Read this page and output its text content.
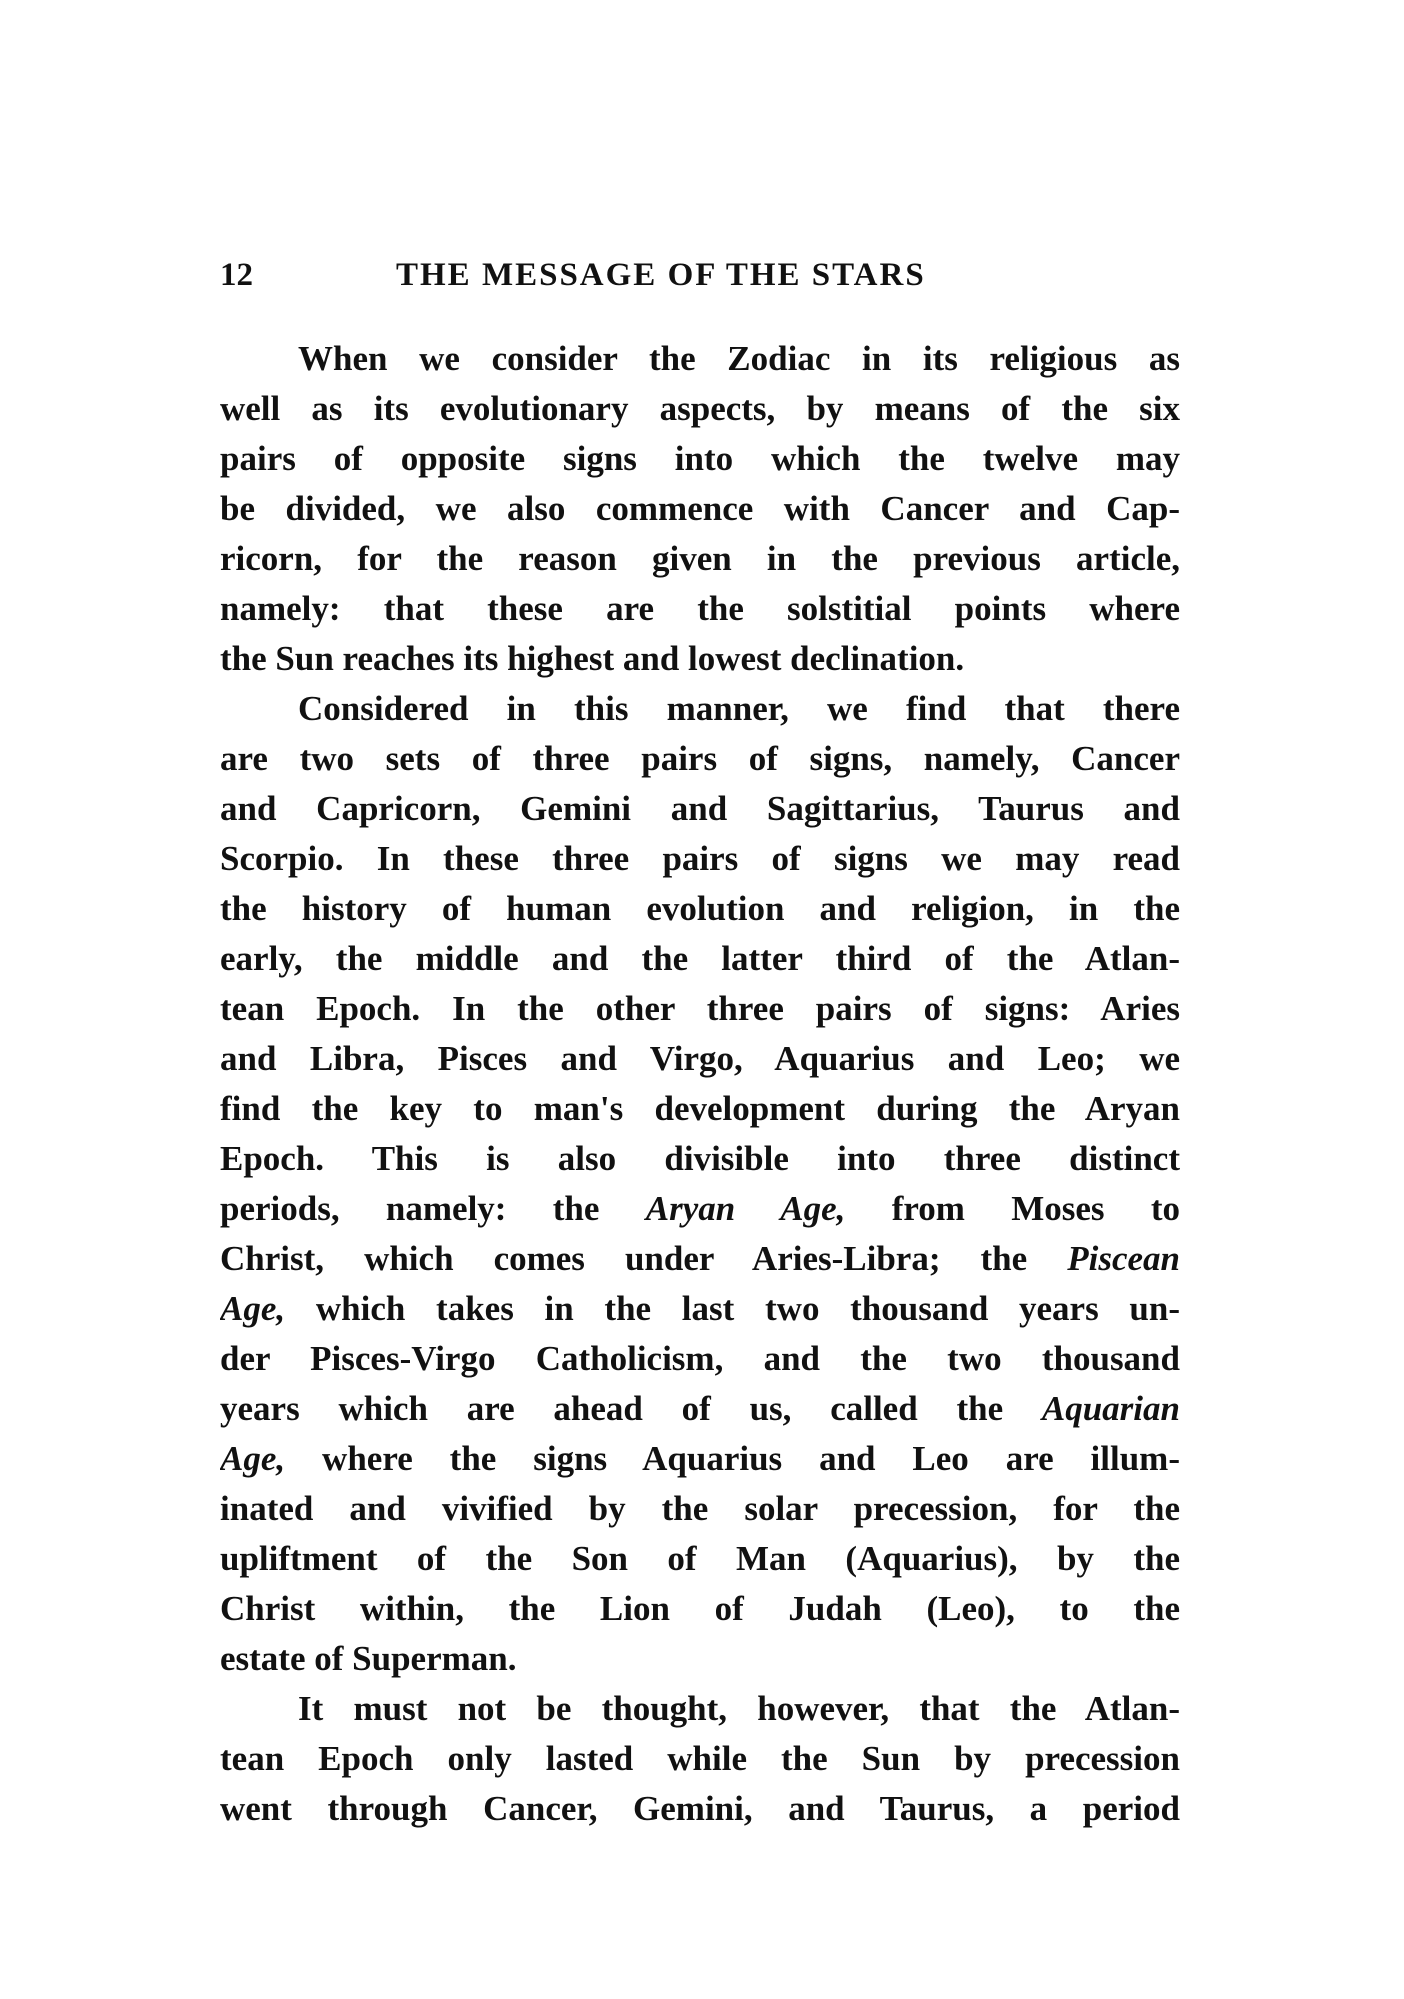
12	THE MESSAGE OF THE STARS
When we consider the Zodiac in its religious as
well as its evolutionary aspects, by means of the six
pairs of opposite signs into which the twelve may
be divided, we also commence with Cancer and Cap-
ricorn, for the reason given in the previous article,
namely: that these are the solstitial points where
the Sun reaches its highest and lowest declination.
Considered in this manner, we find that there
are two sets of three pairs of signs, namely, Cancer
and Capricorn, Gemini and Sagittarius, Taurus and
Scorpio. In these three pairs of signs we may read
the history of human evolution and religion, in the
early, the middle and the latter third of the Atlan-
tean Epoch. In the other three pairs of signs: Aries
and Libra, Pisces and Virgo, Aquarius and Leo; we
find the key to man's development during the Aryan
Epoch. This is also divisible into three distinct
periods, namely: the Aryan Age, from Moses to
Christ, which comes under Aries-Libra; the Piscean
Age, which takes in the last two thousand years un-
der Pisces-Virgo Catholicism, and the two thousand
years which are ahead of us, called the Aquarian
Age, where the signs Aquarius and Leo are illum-
inated and vivified by the solar precession, for the
upliftment of the Son of Man (Aquarius), by the
Christ within, the Lion of Judah (Leo), to the
estate of Superman.
It must not be thought, however, that the Atlan-
tean Epoch only lasted while the Sun by precession
went through Cancer, Gemini, and Taurus, a period
